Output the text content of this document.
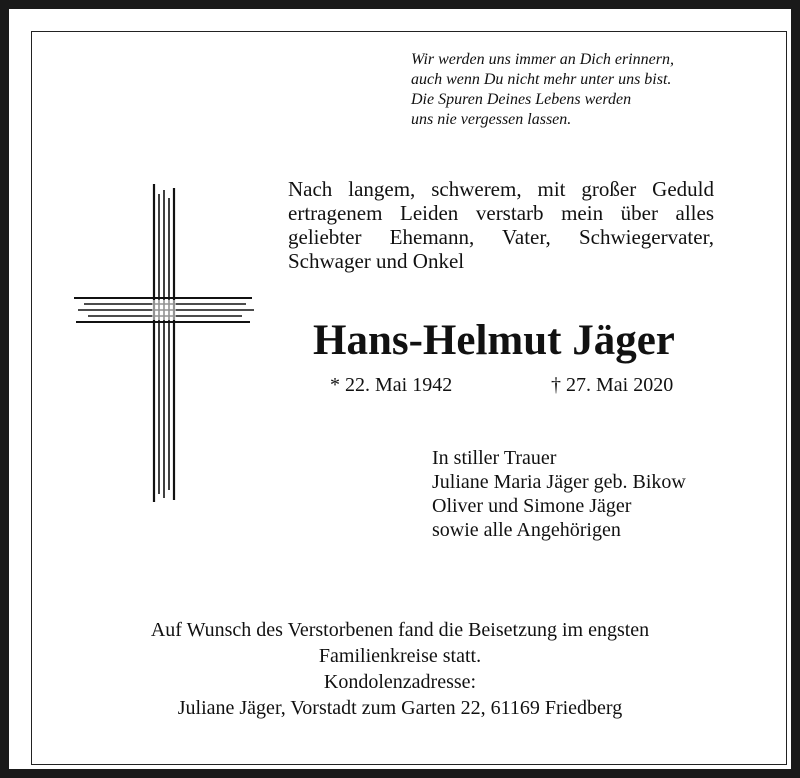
Wir werden uns immer an Dich erinnern,
auch wenn Du nicht mehr unter uns bist.
Die Spuren Deines Lebens werden
uns nie vergessen lassen.
Nach langem, schwerem, mit großer Geduld
ertragenem Leiden verstarb mein über alles
geliebter Ehemann, Vater, Schwiegervater,
Schwager und Onkel
Hans-Helmut Jäger
* 22. Mai 1942	† 27. Mai 2020
In stiller Trauer
Juliane Maria Jäger geb. Bikow
Oliver und Simone Jäger
sowie alle Angehörigen
Auf Wunsch des Verstorbenen fand die Beisetzung im engsten
Familienkreise statt.
Kondolenzadresse:
Juliane Jäger, Vorstadt zum Garten 22, 61169 Friedberg
